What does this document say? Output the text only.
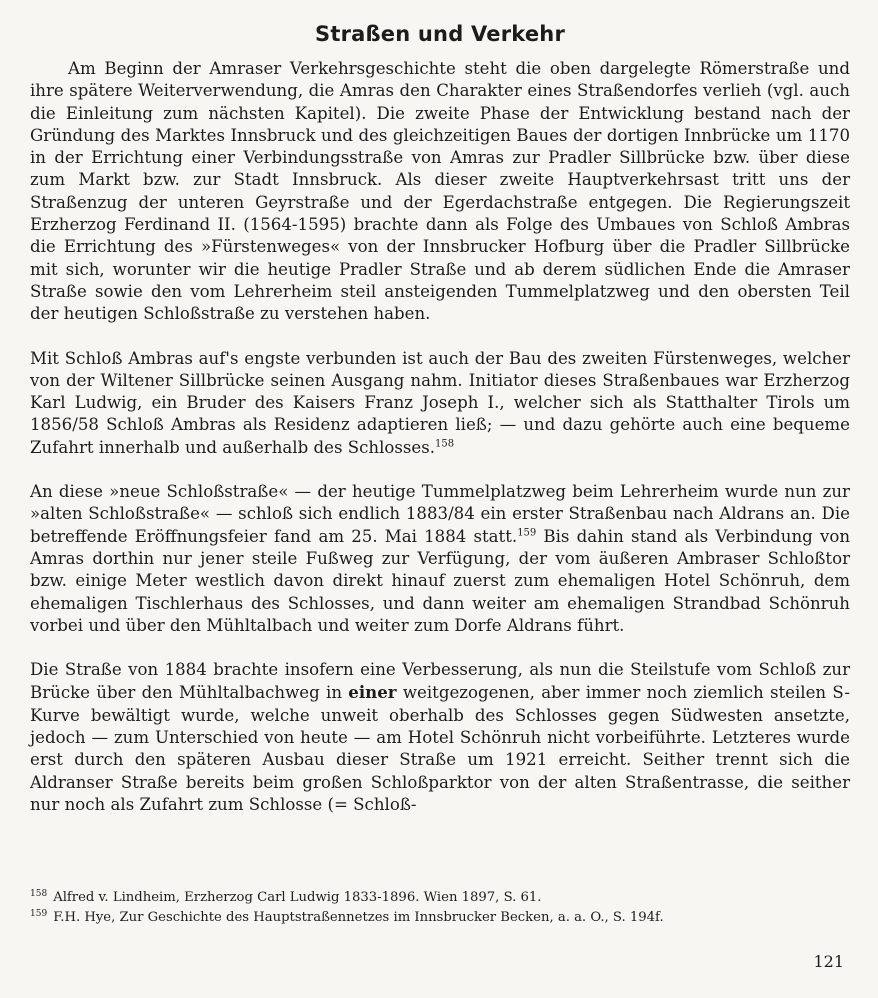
Straßen und Verkehr

Am Beginn der Amraser Verkehrsgeschichte steht die oben dargelegte Römerstraße und ihre spätere Weiterverwendung, die Amras den Charakter eines Straßendorfes verlieh (vgl. auch die Einleitung zum nächsten Kapitel). Die zweite Phase der Entwicklung bestand nach der Gründung des Marktes Innsbruck und des gleichzeitigen Baues der dortigen Innbrücke um 1170 in der Errichtung einer Verbindungsstraße von Amras zur Pradler Sillbrücke bzw. über diese zum Markt bzw. zur Stadt Innsbruck. Als dieser zweite Hauptverkehrsast tritt uns der Straßenzug der unteren Geyrstraße und der Egerdachstraße entgegen. Die Regierungszeit Erzherzog Ferdinand II. (1564-1595) brachte dann als Folge des Umbaues von Schloß Ambras die Errichtung des »Fürstenweges« von der Innsbrucker Hofburg über die Pradler Sillbrücke mit sich, worunter wir die heutige Pradler Straße und ab derem südlichen Ende die Amraser Straße sowie den vom Lehrerheim steil ansteigenden Tummelplatzweg und den obersten Teil der heutigen Schloßstraße zu verstehen haben.

Mit Schloß Ambras auf's engste verbunden ist auch der Bau des zweiten Fürstenweges, welcher von der Wiltener Sillbrücke seinen Ausgang nahm. Initiator dieses Straßenbaues war Erzherzog Karl Ludwig, ein Bruder des Kaisers Franz Joseph I., welcher sich als Statthalter Tirols um 1856/58 Schloß Ambras als Residenz adaptieren ließ; — und dazu gehörte auch eine bequeme Zufahrt innerhalb und außerhalb des Schlosses.$^{158}$

An diese »neue Schloßstraße« — der heutige Tummelplatzweg beim Lehrerheim wurde nun zur »alten Schloßstraße« — schloß sich endlich 1883/84 ein erster Straßenbau nach Aldrans an. Die betreffende Eröffnungsfeier fand am 25. Mai 1884 statt.$^{159}$ Bis dahin stand als Verbindung von Amras dorthin nur jener steile Fußweg zur Verfügung, der vom äußeren Ambraser Schloßtor bzw. einige Meter westlich davon direkt hinauf zuerst zum ehemaligen Hotel Schönruh, dem ehemaligen Tischlerhaus des Schlosses, und dann weiter am ehemaligen Strandbad Schönruh vorbei und über den Mühltalbach und weiter zum Dorfe Aldrans führt.

Die Straße von 1884 brachte insofern eine Verbesserung, als nun die Steilstufe vom Schloß zur Brücke über den Mühltalbachweg in einer weitgezogenen, aber immer noch ziemlich steilen S-Kurve bewältigt wurde, welche unweit oberhalb des Schlosses gegen Südwesten ansetzte, jedoch — zum Unterschied von heute — am Hotel Schönruh nicht vorbeiführte. Letzteres wurde erst durch den späteren Ausbau dieser Straße um 1921 erreicht. Seither trennt sich die Aldranser Straße bereits beim großen Schloßparktor von der alten Straßentrasse, die seither nur noch als Zufahrt zum Schlosse (= Schloß-

$^{158}$ Alfred v. Lindheim, Erzherzog Carl Ludwig 1833-1896. Wien 1897, S. 61.

$^{159}$ F.H. Hye, Zur Geschichte des Hauptstraßennetzes im Innsbrucker Becken, a. a. O., S. 194f.

121
